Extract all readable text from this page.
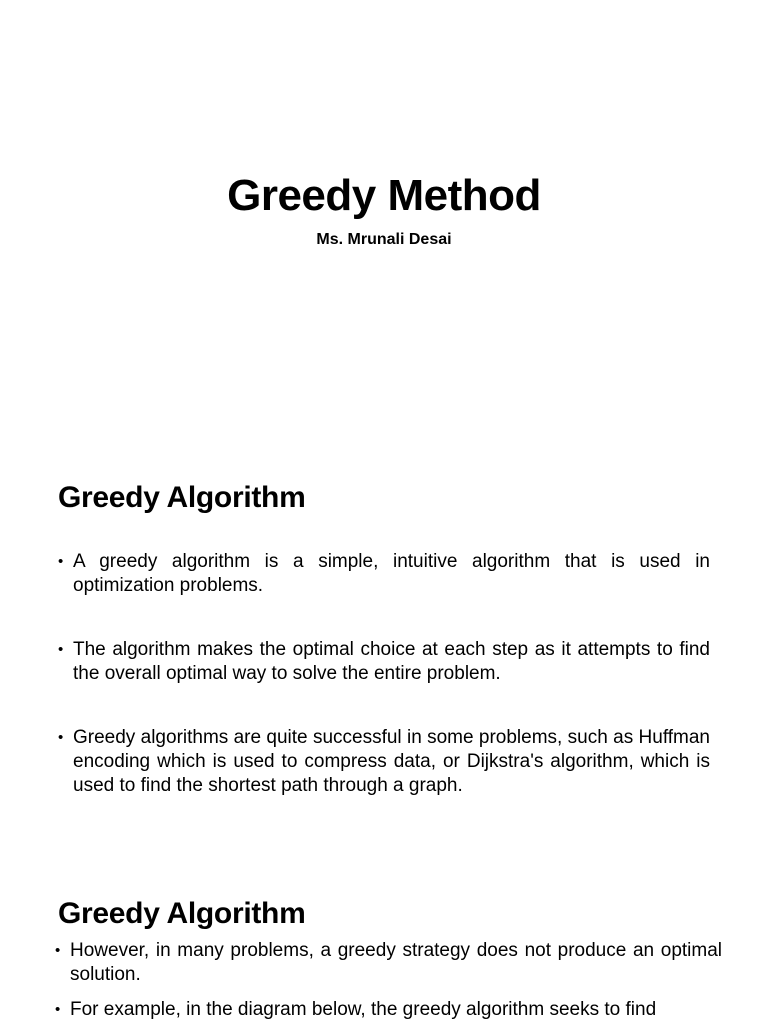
Greedy Method
Ms. Mrunali Desai
Greedy Algorithm
• A greedy algorithm is a simple, intuitive algorithm that is used in optimization problems.
• The algorithm makes the optimal choice at each step as it attempts to find the overall optimal way to solve the entire problem.
• Greedy algorithms are quite successful in some problems, such as Huffman encoding which is used to compress data, or Dijkstra's algorithm, which is used to find the shortest path through a graph.
Greedy Algorithm
• However, in many problems, a greedy strategy does not produce an optimal solution.
• For example, in the diagram below, the greedy algorithm seeks to find
